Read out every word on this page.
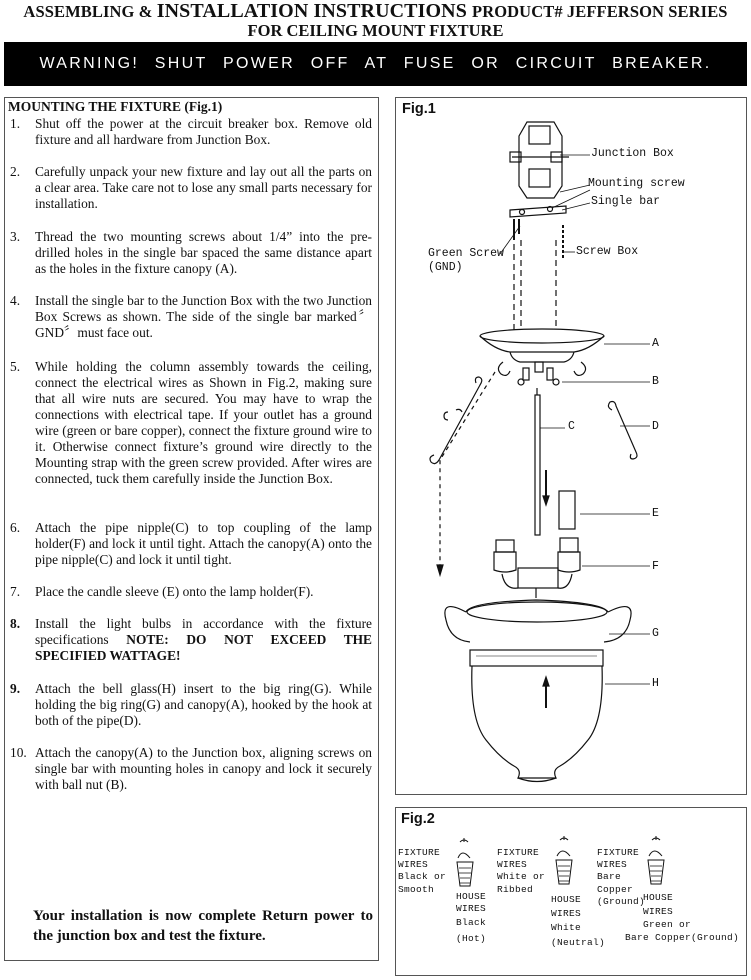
ASSEMBLING & INSTALLATION INSTRUCTIONS PRODUCT# JEFFERSON SERIES
FOR CEILING MOUNT FIXTURE
WARNING! SHUT POWER OFF AT FUSE OR CIRCUIT BREAKER.
MOUNTING THE FIXTURE (Fig.1)
1.	Shut off the power at the circuit breaker box. Remove old fixture and all hardware from Junction Box.
2.	Carefully unpack your new fixture and lay out all the parts on a clear area. Take care not to lose any small parts necessary for installation.
3.	Thread the two mounting screws about 1/4” into the pre-drilled holes in the single bar spaced the same distance apart as the holes in the fixture canopy (A).
4.	Install the single bar to the Junction Box with the two Junction Box Screws as shown. The side of the single bar marked〞GND〞must face out.
5.	While holding the column assembly towards the ceiling, connect the electrical wires as Shown in Fig.2, making sure that all wire nuts are secured. You may have to wrap the connections with electrical tape. If your outlet has a ground wire (green or bare copper), connect the fixture ground wire to it. Otherwise connect fixture’s ground wire directly to the Mounting strap with the green screw provided. After wires are connected, tuck them carefully inside the Junction Box.
6.	Attach the pipe nipple(C) to top coupling of the lamp holder(F) and lock it until tight. Attach the canopy(A) onto the pipe nipple(C) and lock it until tight.
7.	Place the candle sleeve (E) onto the lamp holder(F).
8.	Install the light bulbs in accordance with the fixture specifications NOTE: DO NOT EXCEED THE SPECIFIED WATTAGE!
9.	Attach the bell glass(H) insert to the big ring(G). While holding the big ring(G) and canopy(A), hooked by the hook at both of the pipe(D).
10. Attach the canopy(A) to the Junction box, aligning screws on single bar with mounting holes in canopy and lock it securely with ball nut (B).
Your installation is now complete Return power to the junction box and test the fixture.
Fig.1
Junction Box
Mounting screw
Single bar
Green Screw
(GND)
Screw Box
A
B
C	D
E
F
G
H
Fig.2
FIXTURE
WIRES
Black or
Smooth
HOUSE
WIRES
Black
(Hot)
FIXTURE
WIRES
White or
Ribbed
HOUSE
WIRES
White
(Neutral)
FIXTURE
WIRES
Bare
Copper
(Ground)
HOUSE
WIRES
Green or
Bare Copper(Ground)
